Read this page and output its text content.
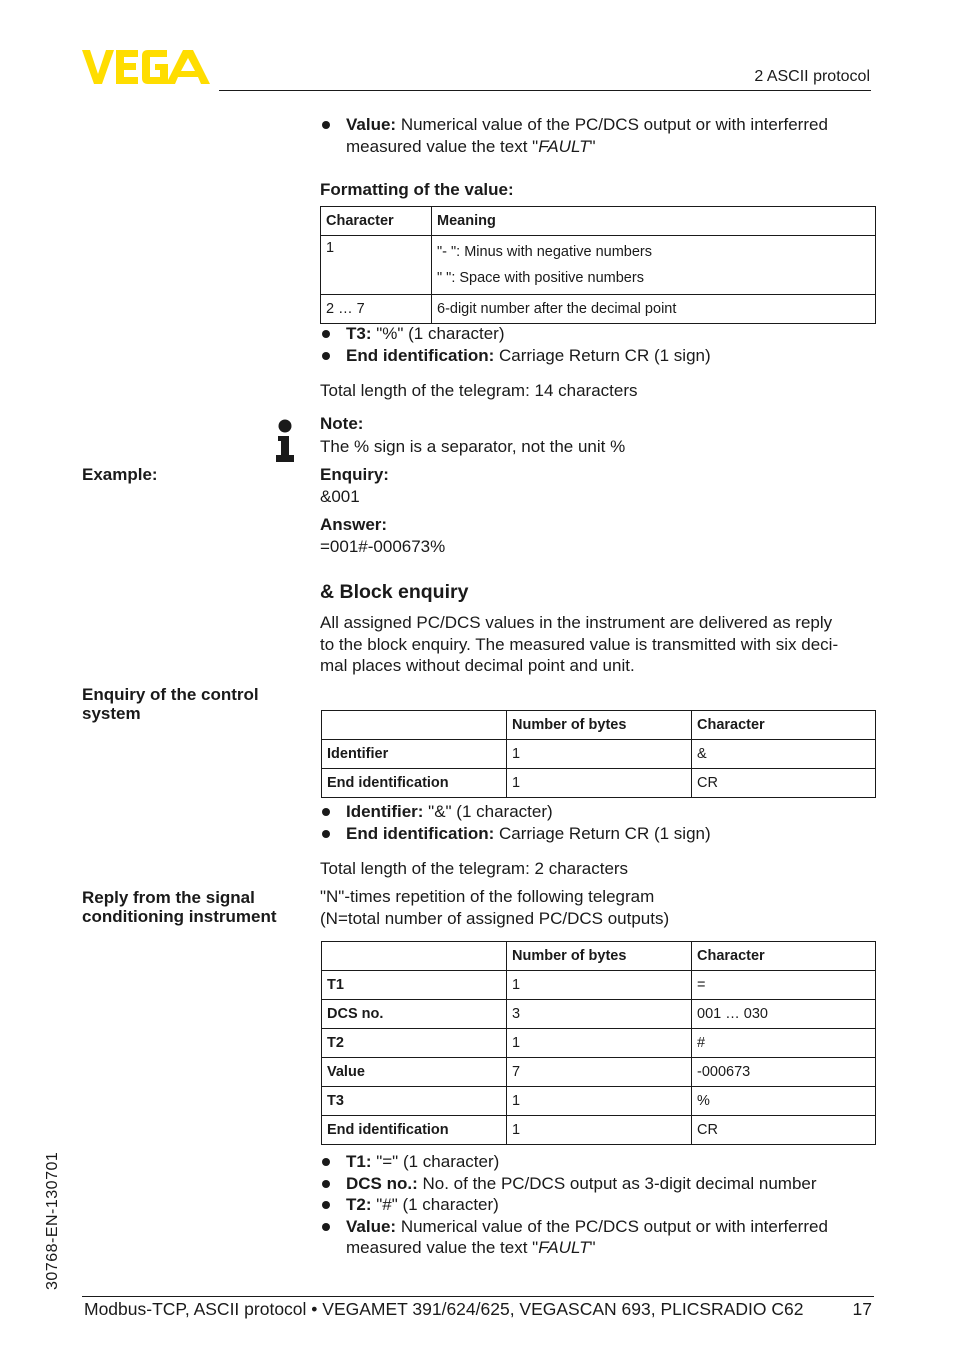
2 ASCII protocol
Value: Numerical value of the PC/DCS output or with interferred measured value the text "FAULT"
Formatting of the value:
Character	Meaning
1	"- ": Minus with negative numbers
" ": Space with positive numbers

2 … 7	6-digit number after the decimal point
T3: "%" (1 character)
End identification: Carriage Return CR (1 sign)
Total length of the telegram: 14 characters
Note:
The % sign is a separator, not the unit %
Example:	Enquiry:
&001
Answer:
=001#-000673%
& Block enquiry
All assigned PC/DCS values in the instrument are delivered as reply
to the block enquiry. The measured value is transmitted with six deci-
mal places without decimal point and unit.
Enquiry of the control
system
	Number of bytes	Character
Identifier	1	&
End identification	1	CR
Identifier: "&" (1 character)
End identification: Carriage Return CR (1 sign)
Total length of the telegram: 2 characters
Reply from the signal
conditioning instrument
"N"-times repetition of the following telegram
(N=total number of assigned PC/DCS outputs)
	Number of bytes	Character
T1	1	=
DCS no.	3	001 … 030
T2	1	#
Value	7	-000673
T3	1	%
End identification	1	CR
T1: "=" (1 character)
DCS no.: No. of the PC/DCS output as 3-digit decimal number
T2: "#" (1 character)
Value: Numerical value of the PC/DCS output or with interferred measured value the text "FAULT"
30768-EN-130701
Modbus-TCP, ASCII protocol • VEGAMET 391/624/625, VEGASCAN 693, PLICSRADIO C62	17
